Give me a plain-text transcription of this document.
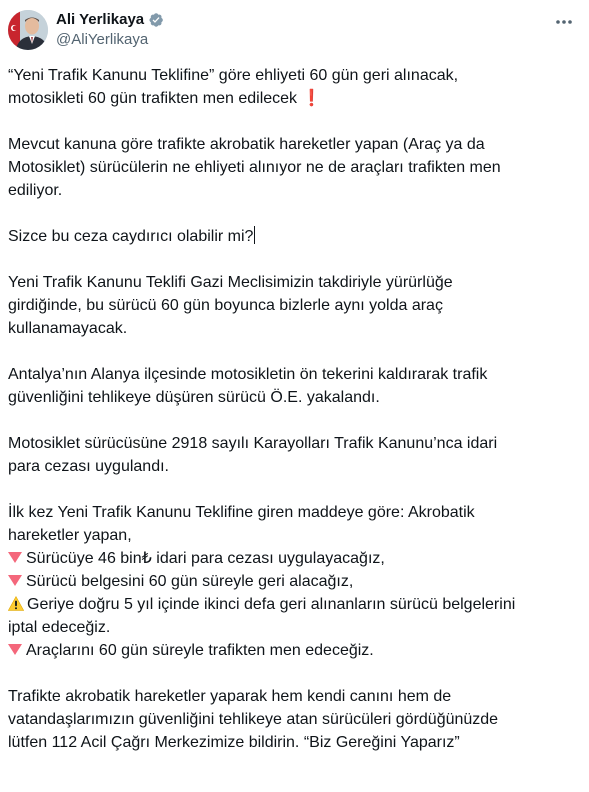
Ali Yerlikaya
@AliYerlikaya
“Yeni Trafik Kanunu Teklifine” göre ehliyeti 60 gün geri alınacak,
motosikleti 60 gün trafikten men edilecek ❗
Mevcut kanuna göre trafikte akrobatik hareketler yapan (Araç ya da
Motosiklet) sürücülerin ne ehliyeti alınıyor ne de araçları trafikten men
ediliyor.
Sizce bu ceza caydırıcı olabilir mi?
Yeni Trafik Kanunu Teklifi Gazi Meclisimizin takdiriyle yürürlüğe
girdiğinde, bu sürücü 60 gün boyunca bizlerle aynı yolda araç
kullanamayacak.
Antalya’nın Alanya ilçesinde motosikletin ön tekerini kaldırarak trafik
güvenliğini tehlikeye düşüren sürücü Ö.E. yakalandı.
Motosiklet sürücüsüne 2918 sayılı Karayolları Trafik Kanunu’nca idari
para cezası uygulandı.
İlk kez Yeni Trafik Kanunu Teklifine giren maddeye göre: Akrobatik
hareketler yapan,
Sürücüye 46 bin₺ idari para cezası uygulayacağız,
Sürücü belgesini 60 gün süreyle geri alacağız,
Geriye doğru 5 yıl içinde ikinci defa geri alınanların sürücü belgelerini
iptal edeceğiz.
Araçlarını 60 gün süreyle trafikten men edeceğiz.
Trafikte akrobatik hareketler yaparak hem kendi canını hem de
vatandaşlarımızın güvenliğini tehlikeye atan sürücüleri gördüğünüzde
lütfen 112 Acil Çağrı Merkezimize bildirin. “Biz Gereğini Yaparız”
